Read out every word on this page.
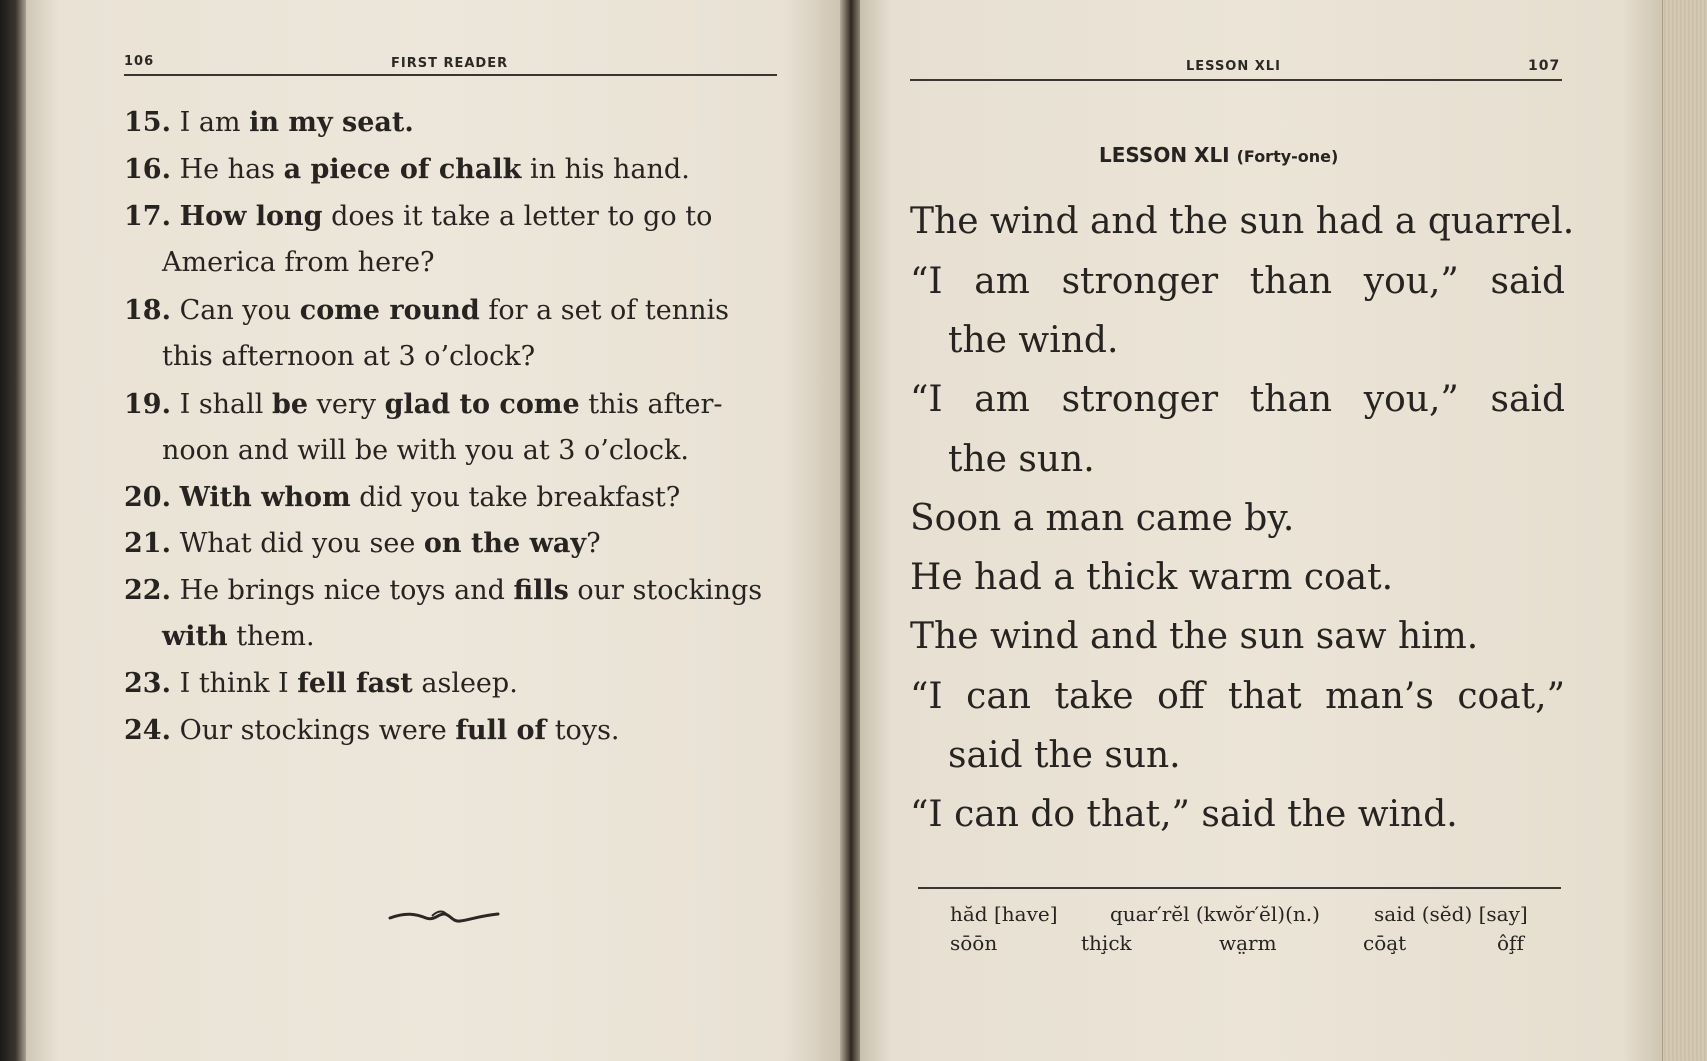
106	FIRST READER
15. I am in my seat.
16. He has a piece of chalk in his hand.
17. How long does it take a letter to go to
America from here?
18. Can you come round for a set of tennis
this afternoon at 3 o’clock?
19. I shall be very glad to come this after-
noon and will be with you at 3 o’clock.
20. With whom did you take breakfast?
21. What did you see on the way?
22. He brings nice toys and fills our stockings
with them.
23. I think I fell fast asleep.
24. Our stockings were full of toys.
LESSON XLI	107
LESSON XLI (Forty-one)
The wind and the sun had a quarrel.
“I am stronger than you,” said
the wind.
“I am stronger than you,” said
the sun.
Soon a man came by.
He had a thick warm coat.
The wind and the sun saw him.
“I can take off that man’s coat,”
said the sun.
“I can do that,” said the wind.
hăd [have]	quar′rĕl (kwŏr′ĕl)(n.)	said (sĕd) [say]
sōōn	thi̧ck	wa̤rm	cōa̧t	ôf̧f
